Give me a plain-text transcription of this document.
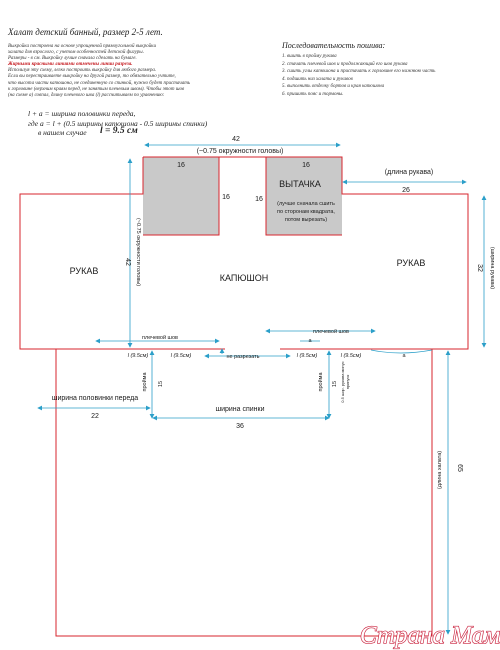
Халат детский банный, размер 2-5 лет.

Выкройка построена на основе упрощенной прямоугольной выкройки

халата для взрослого, с учетом особенностей детской фигуры.

Размеры - в см. Выкройку лучше сначала сделать на бумаге.

Жирными красными линиями отмечены линии разреза.

Используя эту схему, легко построить выкройку для любого размера.

Если вы перестраиваете выкройку на другой размер, то обязательно учтите,

что высота части капюшона, не соединенную со спинкой, нужно будет пристачать

к горловине (верхним краям перед, не занятым плечевым швом). Чтобы этот шов

(на схеме а) совпал, длину плечевого шва (l) рассчитываем по уравнению:

l + а = ширина половинки переда,
где а = l + (0.5 ширины капюшона - 0.5 ширины спинки)
в нашем случае l = 9.5 см
Последовательность пошива:
1. вшить в пройму рукава
2. стачать плечевой шов и продолжающий его шов рукава
3. сшить углы капюшона и пристачать к горловине его нижнюю часть
4. подшить низ халата и рукавов
5. выполнить отделку бортов и края капюшона
6. пришить пояс и тормоны.
42
(~0.75 окружности головы)
16
16
16
16
ВЫТАЧКА
(лучше сначала сшить
по сторонам квадрата,
потом вырезать)
(длина рукава)
26
32 (ширина рукава)
42 (~0.75 окружности головы)
РУКАВ
РУКАВ
КАПЮШОН
плечевой шов
плечевой шов
а
а
l (9.5см)	l (9.5см)	l (9.5см)	l (9.5см)
не разрезать
пройма 15	пройма 15 0.5 шир. рукава минус припуск
ширина половинки переда
22
ширина спинки
36
(длина халата) 65
Страна Мам
